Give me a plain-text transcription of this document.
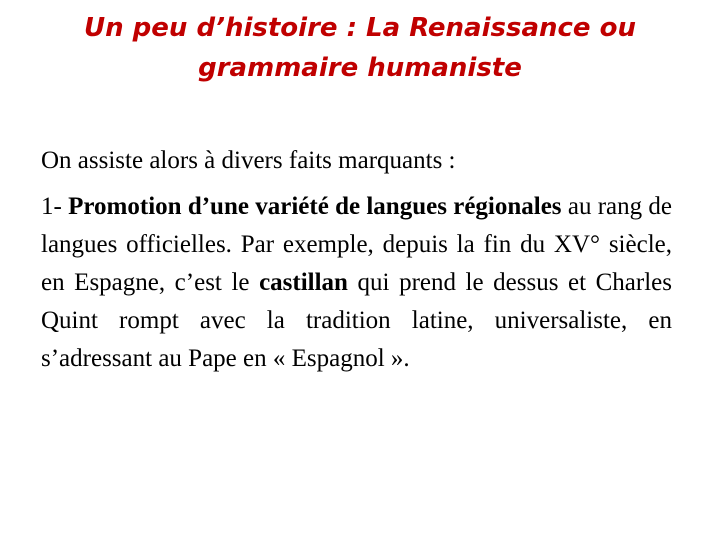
Un peu d’histoire : La Renaissance ou
grammaire humaniste

On assiste alors à divers faits marquants :

1- Promotion d’une variété de langues régionales au rang de langues officielles. Par exemple, depuis la fin du XV° siècle, en Espagne, c’est le castillan qui prend le dessus et Charles Quint rompt avec la tradition latine, universaliste, en s’adressant au Pape en « Espagnol ».
